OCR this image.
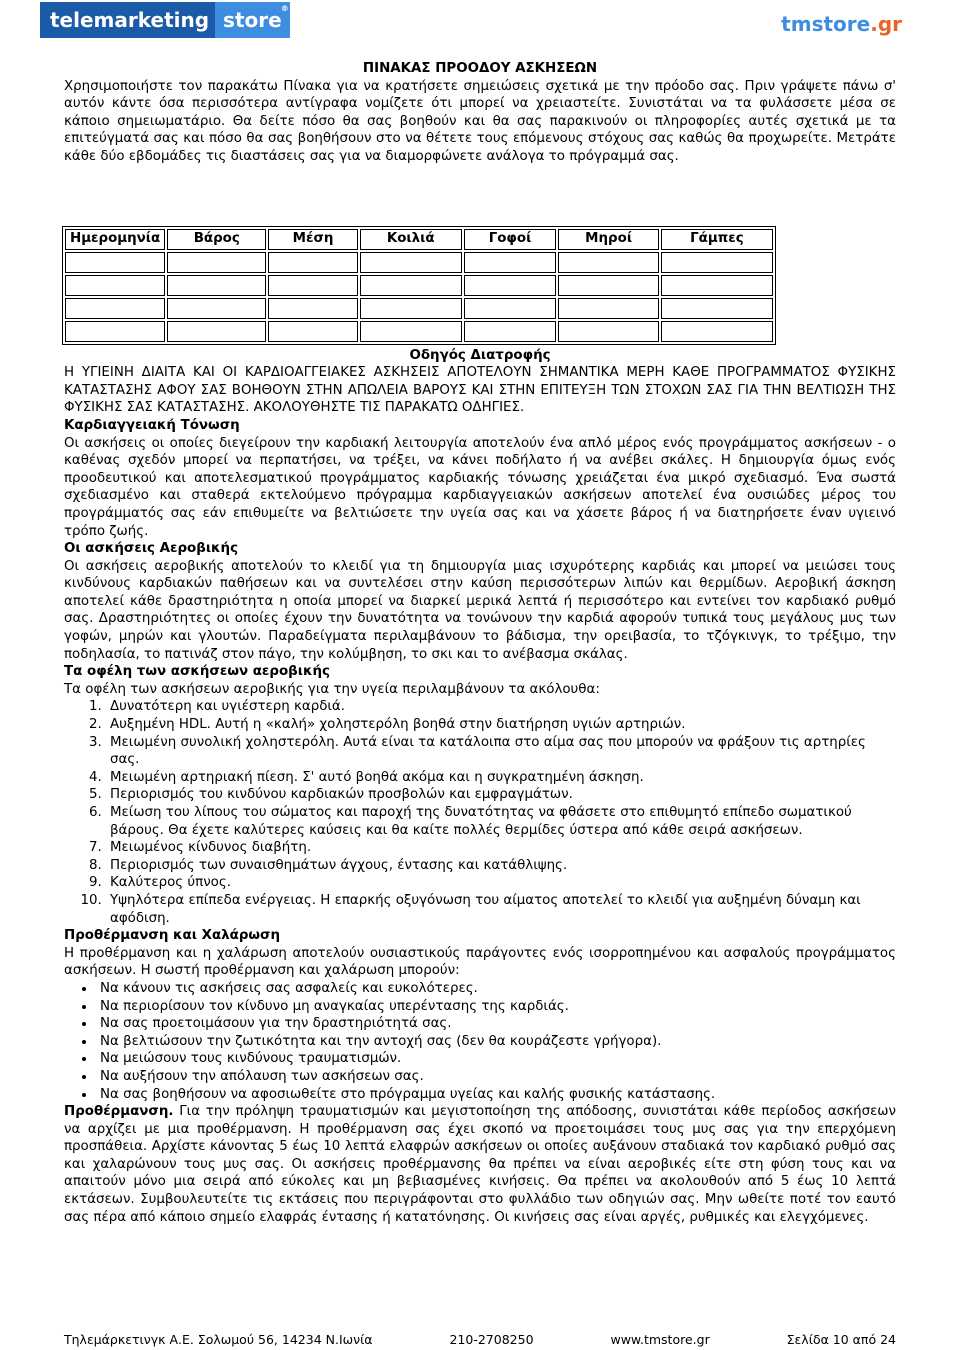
telemarketing store ®
tmstore.gr
ΠΙΝΑΚΑΣ ΠΡΟΟΔΟΥ ΑΣΚΗΣΕΩΝ

Χρησιμοποιήστε τον παρακάτω Πίνακα για να κρατήσετε σημειώσεις σχετικά με την πρόοδο σας. Πριν γράψετε πάνω σ' αυτόν κάντε όσα περισσότερα αντίγραφα νομίζετε ότι μπορεί να χρειαστείτε. Συνιστάται να τα φυλάσσετε μέσα σε κάποιο σημειωματάριο. Θα δείτε πόσο θα σας βοηθούν και θα σας παρακινούν οι πληροφορίες αυτές σχετικά με τα επιτεύγματά σας και πόσο θα σας βοηθήσουν στο να θέτετε τους επόμενους στόχους σας καθώς θα προχωρείτε. Μετράτε κάθε δύο εβδομάδες τις διαστάσεις σας για να διαμορφώνετε ανάλογα το πρόγραμμά σας.

Ημερομηνία	Βάρος	Μέση	Κοιλιά	Γοφοί	Μηροί	Γάμπες

Οδηγός Διατροφής

Η ΥΓΙΕΙΝΗ ΔΙΑΙΤΑ ΚΑΙ ΟΙ ΚΑΡΔΙΟΑΓΓΕΙΑΚΕΣ ΑΣΚΗΣΕΙΣ ΑΠΟΤΕΛΟΥΝ ΣΗΜΑΝΤΙΚΑ ΜΕΡΗ ΚΑΘΕ ΠΡΟΓΡΑΜΜΑΤΟΣ ΦΥΣΙΚΗΣ ΚΑΤΑΣΤΑΣΗΣ ΑΦΟΥ ΣΑΣ ΒΟΗΘΟΥΝ ΣΤΗΝ ΑΠΩΛΕΙΑ ΒΑΡΟΥΣ ΚΑΙ ΣΤΗΝ ΕΠΙΤΕΥΞΗ ΤΩΝ ΣΤΟΧΩΝ ΣΑΣ ΓΙΑ ΤΗΝ ΒΕΛΤΙΩΣΗ ΤΗΣ ΦΥΣΙΚΗΣ ΣΑΣ ΚΑΤΑΣΤΑΣΗΣ. ΑΚΟΛΟΥΘΗΣΤΕ ΤΙΣ ΠΑΡΑΚΑΤΩ ΟΔΗΓΙΕΣ.

Καρδιαγγειακή Τόνωση

Οι ασκήσεις οι οποίες διεγείρουν την καρδιακή λειτουργία αποτελούν ένα απλό μέρος ενός προγράμματος ασκήσεων - ο καθένας σχεδόν μπορεί να περπατήσει, να τρέξει, να κάνει ποδήλατο ή να ανέβει σκάλες. Η δημιουργία όμως ενός προοδευτικού και αποτελεσματικού προγράμματος καρδιακής τόνωσης χρειάζεται ένα μικρό σχεδιασμό. Ένα σωστά σχεδιασμένο και σταθερά εκτελούμενο πρόγραμμα καρδιαγγειακών ασκήσεων αποτελεί ένα ουσιώδες μέρος του προγράμματός σας εάν επιθυμείτε να βελτιώσετε την υγεία σας και να χάσετε βάρος ή να διατηρήσετε έναν υγιεινό τρόπο ζωής.

Οι ασκήσεις Αεροβικής

Οι ασκήσεις αεροβικής αποτελούν το κλειδί για τη δημιουργία μιας ισχυρότερης καρδιάς και μπορεί να μειώσει τους κινδύνους καρδιακών παθήσεων και να συντελέσει στην καύση περισσότερων λιπών και θερμίδων. Αεροβική άσκηση αποτελεί κάθε δραστηριότητα η οποία μπορεί να διαρκεί μερικά λεπτά ή περισσότερο και εντείνει τον καρδιακό ρυθμό σας. Δραστηριότητες οι οποίες έχουν την δυνατότητα να τονώνουν την καρδιά αφορούν τυπικά τους μεγάλους μυς των γοφών, μηρών και γλουτών. Παραδείγματα περιλαμβάνουν το βάδισμα, την ορειβασία, το τζόγκινγκ, το τρέξιμο, την ποδηλασία, το πατινάζ στον πάγο, την κολύμβηση, το σκι και το ανέβασμα σκάλας.

Τα οφέλη των ασκήσεων αεροβικής

Τα οφέλη των ασκήσεων αεροβικής για την υγεία περιλαμβάνουν τα ακόλουθα:

1. Δυνατότερη και υγιέστερη καρδιά.
2. Αυξημένη HDL. Αυτή η «καλή» χοληστερόλη βοηθά στην διατήρηση υγιών αρτηριών.
3. Μειωμένη συνολική χοληστερόλη. Αυτά είναι τα κατάλοιπα στο αίμα σας που μπορούν να φράξουν τις αρτηρίες σας.
4. Μειωμένη αρτηριακή πίεση. Σ' αυτό βοηθά ακόμα και η συγκρατημένη άσκηση.
5. Περιορισμός του κινδύνου καρδιακών προσβολών και εμφραγμάτων.
6. Μείωση του λίπους του σώματος και παροχή της δυνατότητας να φθάσετε στο επιθυμητό επίπεδο σωματικού βάρους. Θα έχετε καλύτερες καύσεις και θα καίτε πολλές θερμίδες ύστερα από κάθε σειρά ασκήσεων.
7. Μειωμένος κίνδυνος διαβήτη.
8. Περιορισμός των συναισθημάτων άγχους, έντασης και κατάθλιψης.
9. Καλύτερος ύπνος.
10. Υψηλότερα επίπεδα ενέργειας. Η επαρκής οξυγόνωση του αίματος αποτελεί το κλειδί για αυξημένη δύναμη και αφόδιση.
Προθέρμανση και Χαλάρωση

Η προθέρμανση και η χαλάρωση αποτελούν ουσιαστικούς παράγοντες ενός ισορροπημένου και ασφαλούς προγράμματος ασκήσεων. Η σωστή προθέρμανση και χαλάρωση μπορούν:

• Να κάνουν τις ασκήσεις σας ασφαλείς και ευκολότερες.
• Να περιορίσουν τον κίνδυνο μη αναγκαίας υπερέντασης της καρδιάς.
• Να σας προετοιμάσουν για την δραστηριότητά σας.
• Να βελτιώσουν την ζωτικότητα και την αντοχή σας (δεν θα κουράζεστε γρήγορα).
• Να μειώσουν τους κινδύνους τραυματισμών.
• Να αυξήσουν την απόλαυση των ασκήσεων σας.
• Να σας βοηθήσουν να αφοσιωθείτε στο πρόγραμμα υγείας και καλής φυσικής κατάστασης.

Προθέρμανση. Για την πρόληψη τραυματισμών και μεγιστοποίηση της απόδοσης, συνιστάται κάθε περίοδος ασκήσεων να αρχίζει με μια προθέρμανση. Η προθέρμανση σας έχει σκοπό να προετοιμάσει τους μυς σας για την επερχόμενη προσπάθεια. Αρχίστε κάνοντας 5 έως 10 λεπτά ελαφρών ασκήσεων οι οποίες αυξάνουν σταδιακά τον καρδιακό ρυθμό σας και χαλαρώνουν τους μυς σας. Οι ασκήσεις προθέρμανσης θα πρέπει να είναι αεροβικές είτε στη φύση τους και να απαιτούν μόνο μια σειρά από εύκολες και μη βεβιασμένες κινήσεις. Θα πρέπει να ακολουθούν από 5 έως 10 λεπτά εκτάσεων. Συμβουλευτείτε τις εκτάσεις που περιγράφονται στο φυλλάδιο των οδηγιών σας. Μην ωθείτε ποτέ τον εαυτό σας πέρα από κάποιο σημείο ελαφράς έντασης ή κατατόνησης. Οι κινήσεις σας είναι αργές, ρυθμικές και ελεγχόμενες.

Τηλεμάρκετινγκ Α.Ε. Σολωμού 56, 14234 Ν.Ιωνία	210-2708250	www.tmstore.gr	Σελίδα 10 από 24
